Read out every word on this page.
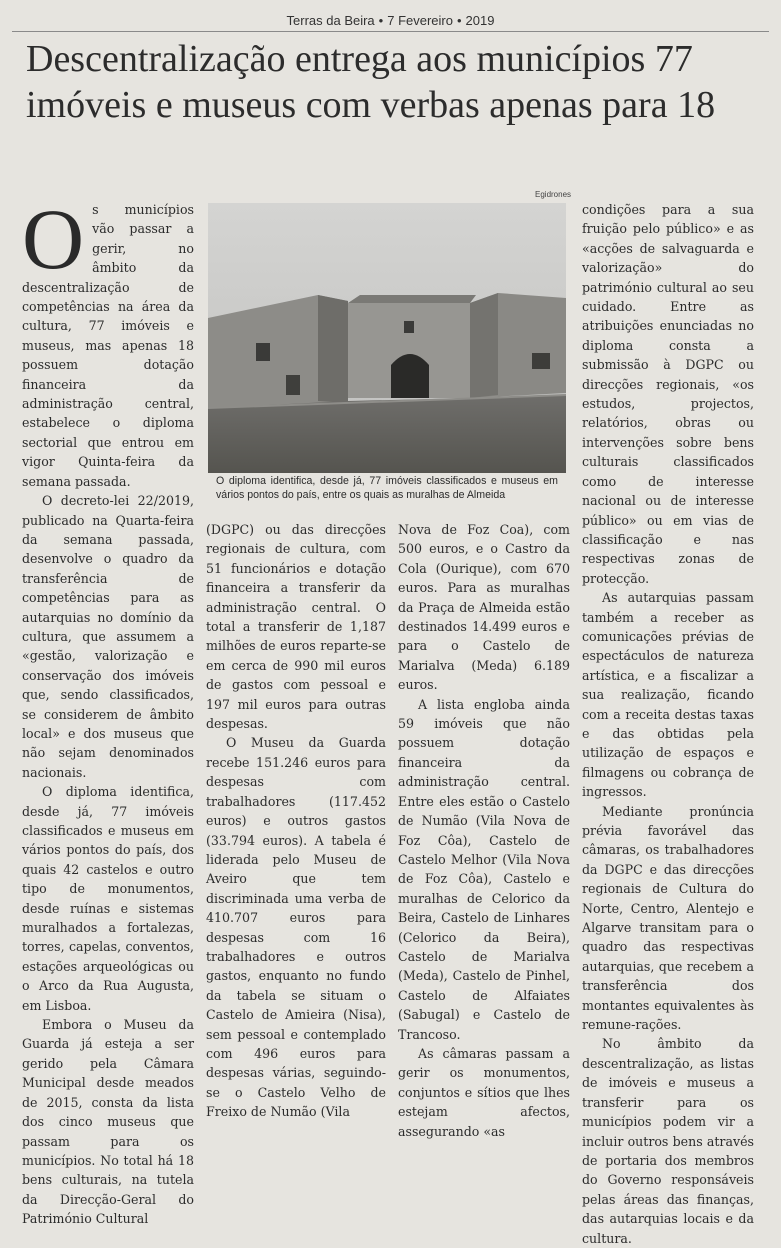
Terras da Beira • 7 Fevereiro • 2019
Descentralização entrega aos municípios 77 imóveis e museus com verbas apenas para 18
Egidrones

Os municípios vão passar a gerir, no âmbito da descentralização de competências na área da cultura, 77 imóveis e museus, mas apenas 18 possuem dotação financeira da administração central, estabelece o diploma sectorial que entrou em vigor Quinta-feira da semana passada.

O decreto-lei 22/2019, publicado na Quarta-feira da semana passada, desenvolve o quadro da transferência de competências para as autarquias no domínio da cultura, que assumem a «gestão, valorização e conservação dos imóveis que, sendo classificados, se considerem de âmbito local» e dos museus que não sejam denominados nacionais.

O diploma identifica, desde já, 77 imóveis classificados e museus em vários pontos do país, dos quais 42 castelos e outro tipo de monumentos, desde ruínas e sistemas muralhados a fortalezas, torres, capelas, conventos, estações arqueológicas ou o Arco da Rua Augusta, em Lisboa.

Embora o Museu da Guarda já esteja a ser gerido pela Câmara Municipal desde meados de 2015, consta da lista dos cinco museus que passam para os municípios. No total há 18 bens culturais, na tutela da Direcção-Geral do Património Cultural

O diploma identifica, desde já, 77 imóveis classificados e museus em vários pontos do país, entre os quais as muralhas de Almeida

(DGPC) ou das direcções regionais de cultura, com 51 funcionários e dotação financeira a transferir da administração central. O total a transferir de 1,187 milhões de euros reparte-se em cerca de 990 mil euros de gastos com pessoal e 197 mil euros para outras despesas.

O Museu da Guarda recebe 151.246 euros para despesas com trabalhadores (117.452 euros) e outros gastos (33.794 euros). A tabela é liderada pelo Museu de Aveiro que tem discriminada uma verba de 410.707 euros para despesas com 16 trabalhadores e outros gastos, enquanto no fundo da tabela se situam o Castelo de Amieira (Nisa), sem pessoal e contemplado com 496 euros para despesas várias, seguindo-se o Castelo Velho de Freixo de Numão (Vila

Nova de Foz Coa), com 500 euros, e o Castro da Cola (Ourique), com 670 euros. Para as muralhas da Praça de Almeida estão destinados 14.499 euros e para o Castelo de Marialva (Meda) 6.189 euros.

A lista engloba ainda 59 imóveis que não possuem dotação financeira da administração central. Entre eles estão o Castelo de Numão (Vila Nova de Foz Côa), Castelo de Castelo Melhor (Vila Nova de Foz Côa), Castelo e muralhas de Celorico da Beira, Castelo de Linhares (Celorico da Beira), Castelo de Marialva (Meda), Castelo de Pinhel, Castelo de Alfaiates (Sabugal) e Castelo de Trancoso.

As câmaras passam a gerir os monumentos, conjuntos e sítios que lhes estejam afectos, assegurando «as

condições para a sua fruição pelo público» e as «acções de salvaguarda e valorização» do património cultural ao seu cuidado. Entre as atribuições enunciadas no diploma consta a submissão à DGPC ou direcções regionais, «os estudos, projectos, relatórios, obras ou intervenções sobre bens culturais classificados como de interesse nacional ou de interesse público» ou em vias de classificação e nas respectivas zonas de protecção.

As autarquias passam também a receber as comunicações prévias de espectáculos de natureza artística, e a fiscalizar a sua realização, ficando com a receita destas taxas e das obtidas pela utilização de espaços e filmagens ou cobrança de ingressos.

Mediante pronúncia prévia favorável das câmaras, os trabalhadores da DGPC e das direcções regionais de Cultura do Norte, Centro, Alentejo e Algarve transitam para o quadro das respectivas autarquias, que recebem a transferência dos montantes equivalentes às remune-rações.

No âmbito da descentralização, as listas de imóveis e museus a transferir para os municípios podem vir a incluir outros bens através de portaria dos membros do Governo responsáveis pelas áreas das finanças, das autarquias locais e da cultura.
